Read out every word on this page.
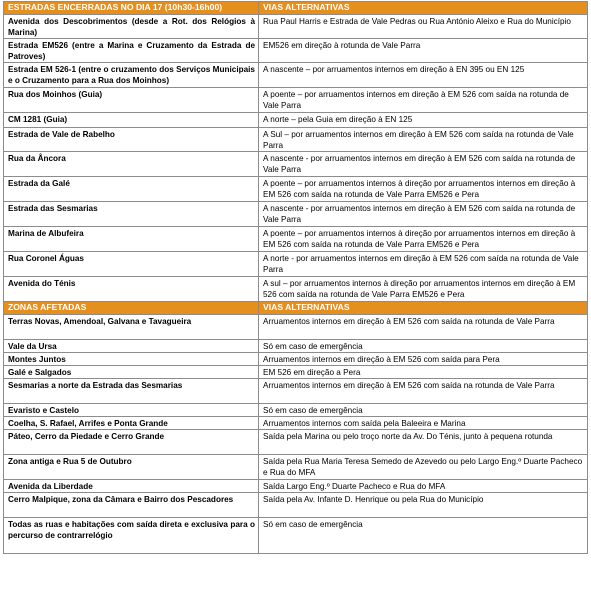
ESTRADAS ENCERRADAS NO DIA 17 (10h30-16h00)	VIAS ALTERNATIVAS
Avenida dos Descobrimentos (desde a Rot. dos Relógios à Marina)	Rua Paul Harris e Estrada de Vale Pedras ou Rua António Aleixo e Rua do Município
Estrada EM526 (entre a Marina e Cruzamento da Estrada de Patroves)	EM526 em direção à rotunda de Vale Parra
Estrada EM 526-1 (entre o cruzamento dos Serviços Municipais e o Cruzamento para a Rua dos Moinhos)	A nascente – por arruamentos internos em direção à EN 395 ou EN 125
Rua dos Moinhos (Guia)	A poente – por arruamentos internos em direção à EM 526 com saída na rotunda de Vale Parra
CM 1281 (Guia)	A norte – pela Guia em direção à EN 125
Estrada de Vale de Rabelho	A Sul – por arruamentos internos em direção à EM 526 com saída na rotunda de Vale Parra
Rua da Âncora	A nascente - por arruamentos internos em direção à EM 526 com saída na rotunda de Vale Parra
Estrada da Galé	A poente – por arruamentos internos à direção por arruamentos internos em direção à EM 526 com saída na rotunda de Vale Parra EM526 e Pera
Estrada das Sesmarias	A nascente - por arruamentos internos em direção à EM 526 com saída na rotunda de Vale Parra
Marina de Albufeira	A poente – por arruamentos internos à direção por arruamentos internos em direção à EM 526 com saída na rotunda de Vale Parra EM526 e Pera
Rua Coronel Águas	A norte - por arruamentos internos em direção à EM 526 com saída na rotunda de Vale Parra
Avenida do Ténis	A sul – por arruamentos internos à direção por arruamentos internos em direção à EM 526 com saída na rotunda de Vale Parra EM526 e Pera
ZONAS AFETADAS	VIAS ALTERNATIVAS
Terras Novas, Amendoal, Galvana e Tavagueira	Arruamentos internos em direção à EM 526 com saída na rotunda de Vale Parra
Vale da Ursa	Só em caso de emergência
Montes Juntos	Arruamentos internos em direção à EM 526 com saída para Pera
Galé e Salgados	EM 526 em direção a Pera
Sesmarias a norte da Estrada das Sesmarias	Arruamentos internos em direção à EM 526 com saída na rotunda de Vale Parra
Evaristo e Castelo	Só em caso de emergência
Coelha, S. Rafael, Arrifes e Ponta Grande	Arruamentos internos com saída pela Baleeira e Marina
Páteo, Cerro da Piedade e Cerro Grande	Saída pela Marina ou pelo troço norte da Av. Do Ténis, junto à pequena rotunda
Zona antiga e Rua 5 de Outubro	Saída pela Rua Maria Teresa Semedo de Azevedo ou pelo Largo Eng.º Duarte Pacheco e Rua do MFA
Avenida da Liberdade	Saída Largo Eng.º Duarte Pacheco e Rua do MFA
Cerro Malpique, zona da Câmara e Bairro dos Pescadores	Saída pela Av. Infante D. Henrique ou pela Rua do Município
Todas as ruas e habitações com saída direta e exclusiva para o percurso de contrarrelógio	Só em caso de emergência
